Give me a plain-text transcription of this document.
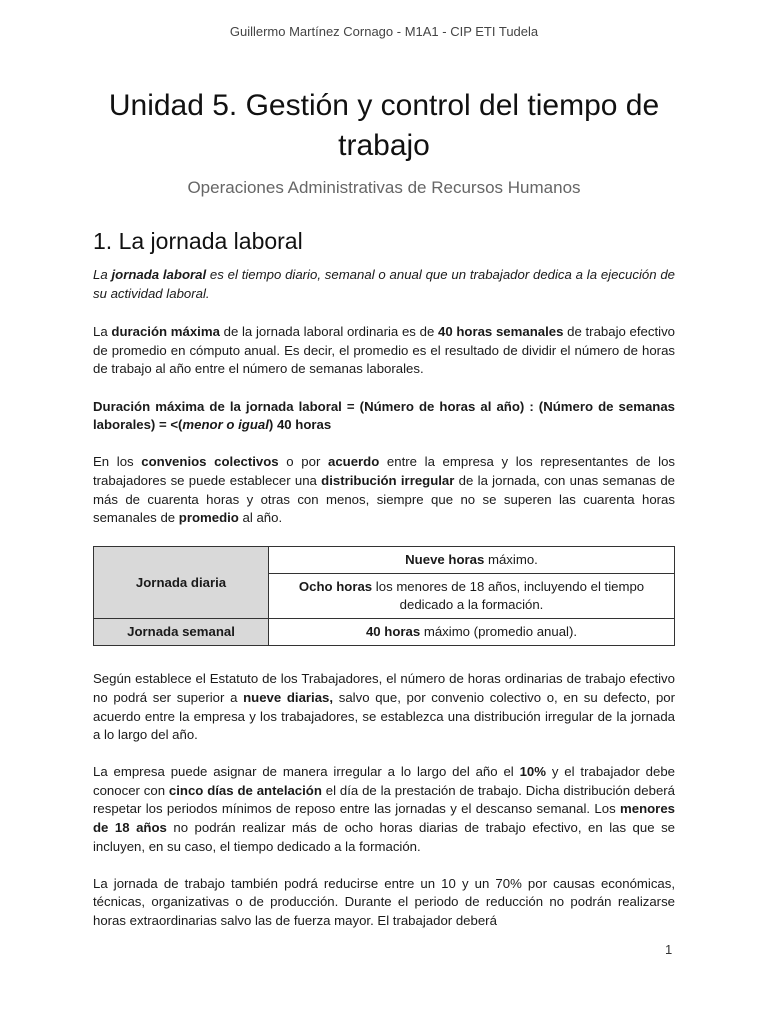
Guillermo Martínez Cornago - M1A1 - CIP ETI Tudela
Unidad 5. Gestión y control del tiempo de trabajo
Operaciones Administrativas de Recursos Humanos
1. La jornada laboral

La jornada laboral es el tiempo diario, semanal o anual que un trabajador dedica a la ejecución de su actividad laboral.

La duración máxima de la jornada laboral ordinaria es de 40 horas semanales de trabajo efectivo de promedio en cómputo anual. Es decir, el promedio es el resultado de dividir el número de horas de trabajo al año entre el número de semanas laborales.

Duración máxima de la jornada laboral = (Número de horas al año) : (Número de semanas laborales) = <(menor o igual) 40 horas

En los convenios colectivos o por acuerdo entre la empresa y los representantes de los trabajadores se puede establecer una distribución irregular de la jornada, con unas semanas de más de cuarenta horas y otras con menos, siempre que no se superen las cuarenta horas semanales de promedio al año.

Jornada diaria	Nueve horas máximo.
	Ocho horas los menores de 18 años, incluyendo el tiempo dedicado a la formación.
Jornada semanal	40 horas máximo (promedio anual).

Según establece el Estatuto de los Trabajadores, el número de horas ordinarias de trabajo efectivo no podrá ser superior a nueve diarias, salvo que, por convenio colectivo o, en su defecto, por acuerdo entre la empresa y los trabajadores, se establezca una distribución irregular de la jornada a lo largo del año.

La empresa puede asignar de manera irregular a lo largo del año el 10% y el trabajador debe conocer con cinco días de antelación el día de la prestación de trabajo. Dicha distribución deberá respetar los periodos mínimos de reposo entre las jornadas y el descanso semanal. Los menores de 18 años no podrán realizar más de ocho horas diarias de trabajo efectivo, en las que se incluyen, en su caso, el tiempo dedicado a la formación.

La jornada de trabajo también podrá reducirse entre un 10 y un 70% por causas económicas, técnicas, organizativas o de producción. Durante el periodo de reducción no podrán realizarse horas extraordinarias salvo las de fuerza mayor. El trabajador deberá

1
